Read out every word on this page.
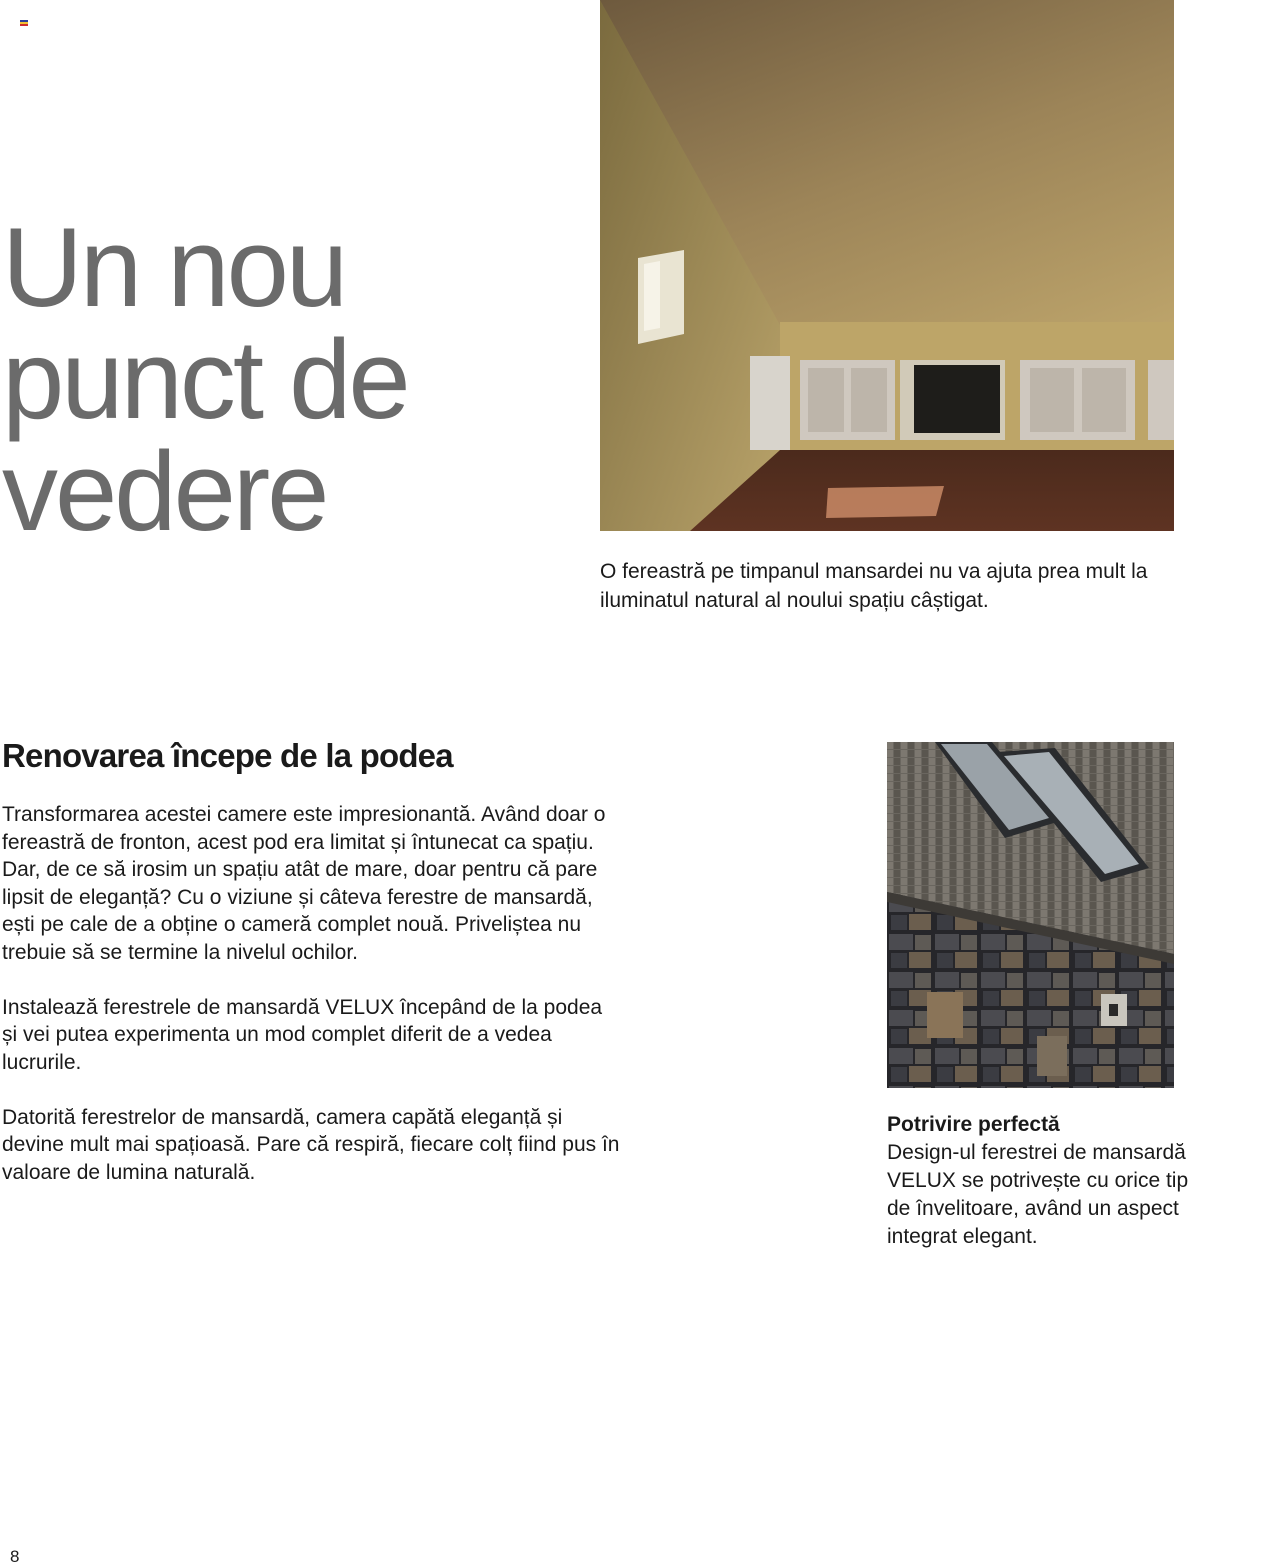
Un nou
punct de
vedere

O fereastră pe timpanul mansardei nu va ajuta prea mult la iluminatul natural al noului spațiu câștigat.

Renovarea începe de la podea

Transformarea acestei camere este impresionantă. Având doar o fereastră de fronton, acest pod era limitat și întunecat ca spațiu. Dar, de ce să irosim un spațiu atât de mare, doar pentru că pare lipsit de eleganță? Cu o viziune și câteva ferestre de mansardă, ești pe cale de a obține o cameră complet nouă. Priveliștea nu trebuie să se termine la nivelul ochilor.

Instalează ferestrele de mansardă VELUX începând de la podea și vei putea experimenta un mod complet diferit de a vedea lucrurile.

Datorită ferestrelor de mansardă, camera capătă eleganță și devine mult mai spațioasă. Pare că respiră, fiecare colț fiind pus în valoare de lumina naturală.

Potrivire perfectă

Design-ul ferestrei de mansardă VELUX se potrivește cu orice tip de învelitoare, având un aspect integrat elegant.

8
